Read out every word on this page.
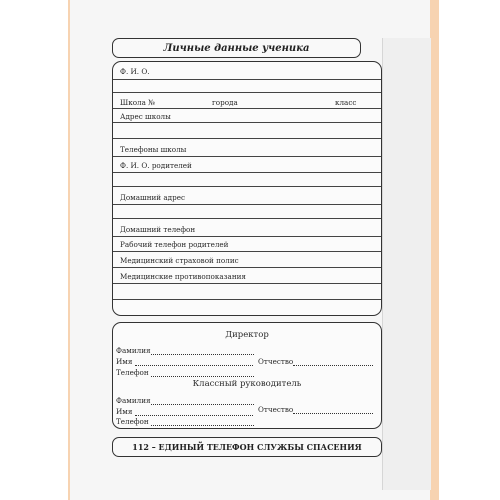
Личные данные ученика
Ф. И. О.
Школа №	города	класс
Адрес школы
Телефоны школы
Ф. И. О. родителей
Домашний адрес
Домашний телефон
Рабочий телефон родителей
Медицинский страховой полис
Медицинские противопоказания
Директор
Фамилия
Имя	Отчество
Телефон
Классный руководитель
Фамилия
Имя	Отчество
Телефон
112 – ЕДИНЫЙ ТЕЛЕФОН СЛУЖБЫ СПАСЕНИЯ
